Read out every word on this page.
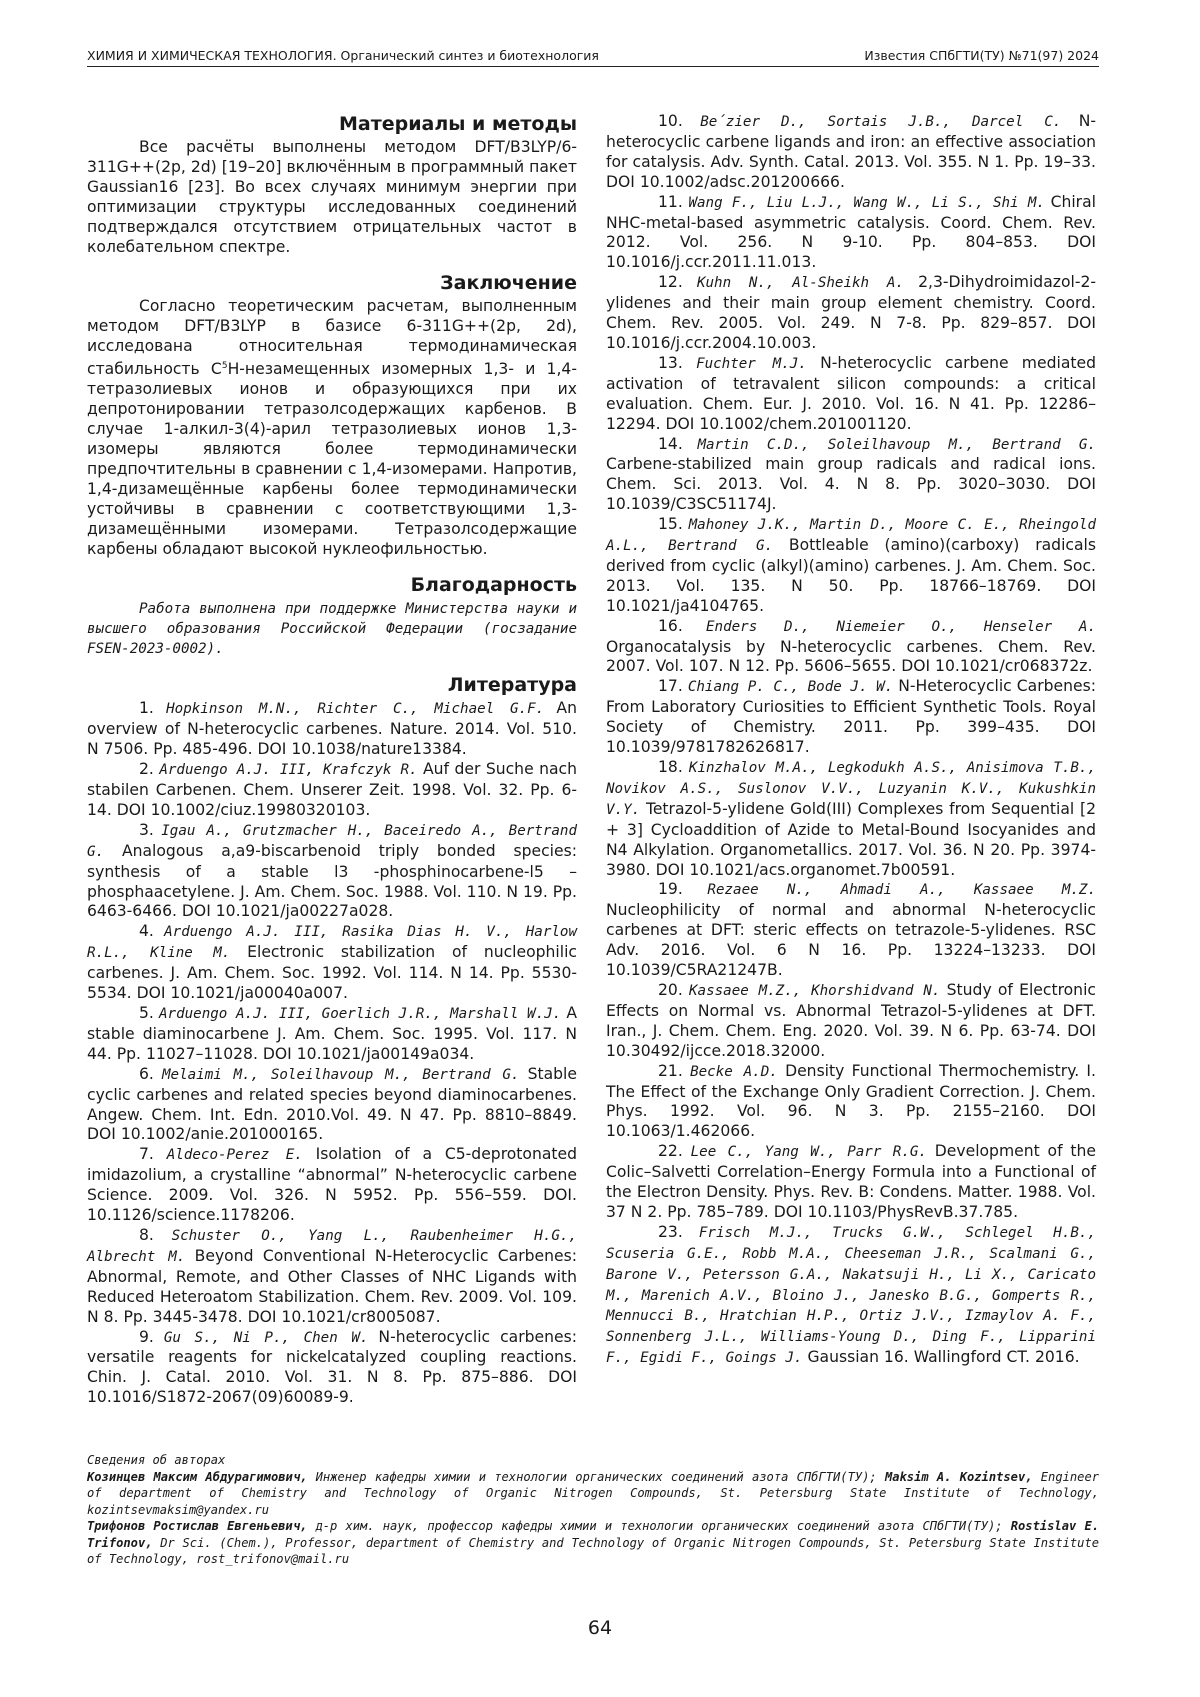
ХИМИЯ И ХИМИЧЕСКАЯ ТЕХНОЛОГИЯ. Органический синтез и биотехнология	Известия СПбГТИ(ТУ) №71(97) 2024
Материалы и методы

Все расчёты выполнены методом DFT/B3LYP/6-311G++(2p, 2d) [19–20] включённым в программный пакет Gaussian16 [23]. Во всех случаях минимум энергии при оптимизации структуры исследованных соединений подтверждался отсутствием отрицательных частот в колебательном спектре.

Заключение

Согласно теоретическим расчетам, выполненным методом DFT/B3LYP в базисе 6-311G++(2p, 2d), исследована относительная термодинамическая стабильность $С^5Н$-незамещенных изомерных 1,3- и 1,4-тетразолиевых ионов и образующихся при их депротонировании тетразолсодержащих карбенов. В случае 1-алкил-3(4)-арил тетразолиевых ионов 1,3-изомеры являются более термодинамически предпочтительны в сравнении с 1,4-изомерами. Напротив, 1,4-дизамещённые карбены более термодинамически устойчивы в сравнении с соответствующими 1,3-дизамещёнными изомерами. Тетразолсодержащие карбены обладают высокой нуклеофильностью.

Благодарность

Работа выполнена при поддержке Министерства науки и высшего образования Российской Федерации (госзадание FSEN-2023-0002).

Литература

1. Hopkinson M.N., Richter C., Michael G.F. An overview of N-heterocyclic carbenes. Nature. 2014. Vol. 510. N 7506. Pp. 485-496. DOI 10.1038/nature13384.

2. Arduengo A.J. III, Krafczyk R. Auf der Suche nach stabilen Carbenen. Chem. Unserer Zeit. 1998. Vol. 32. Pp. 6-14. DOI 10.1002/ciuz.19980320103.

3. Igau A., Grutzmacher H., Baceiredo A., Bertrand G. Analogous a,a9-biscarbenoid triply bonded species: synthesis of a stable l3 -phosphinocarbene-l5 – phosphaacetylene. J. Am. Chem. Soc. 1988. Vol. 110. N 19. Pp. 6463-6466. DOI 10.1021/ja00227a028.

4. Arduengo A.J. III, Rasika Dias H. V., Harlow R.L., Kline M. Electronic stabilization of nucleophilic carbenes. J. Am. Chem. Soc. 1992. Vol. 114. N 14. Pp. 5530-5534. DOI 10.1021/ja00040a007.

5. Arduengo A.J. III, Goerlich J.R., Marshall W.J. A stable diaminocarbene J. Am. Chem. Soc. 1995. Vol. 117. N 44. Pp. 11027–11028. DOI 10.1021/ja00149a034.

6. Melaimi M., Soleilhavoup M., Bertrand G. Stable cyclic carbenes and related species beyond diaminocarbenes. Angew. Chem. Int. Edn. 2010.Vol. 49. N 47. Pp. 8810–8849. DOI 10.1002/anie.201000165.

7. Aldeco-Perez E. Isolation of a C5-deprotonated imidazolium, a crystalline “abnormal” N-heterocyclic carbene Science. 2009. Vol. 326. N 5952. Pp. 556–559. DOI. 10.1126/science.1178206.

8. Schuster O., Yang L., Raubenheimer H.G., Albrecht M. Beyond Conventional N-Heterocyclic Carbenes: Abnormal, Remote, and Other Classes of NHC Ligands with Reduced Heteroatom Stabilization. Chem. Rev. 2009. Vol. 109. N 8. Pp. 3445-3478. DOI 10.1021/cr8005087.

9. Gu S., Ni P., Chen W. N-heterocyclic carbenes: versatile reagents for nickelcatalyzed coupling reactions. Chin. J. Catal. 2010. Vol. 31. N 8. Pp. 875–886. DOI 10.1016/S1872-2067(09)60089-9.

10. Be´zier D., Sortais J.B., Darcel C. N-heterocyclic carbene ligands and iron: an effective association for catalysis. Adv. Synth. Catal. 2013. Vol. 355. N 1. Pp. 19–33. DOI 10.1002/adsc.201200666.

11. Wang F., Liu L.J., Wang W., Li S., Shi M. Chiral NHC-metal-based asymmetric catalysis. Coord. Chem. Rev. 2012. Vol. 256. N 9-10. Pp. 804–853. DOI 10.1016/j.ccr.2011.11.013.

12. Kuhn N., Al-Sheikh A. 2,3-Dihydroimidazol-2-ylidenes and their main group element chemistry. Coord. Chem. Rev. 2005. Vol. 249. N 7-8. Pp. 829–857. DOI 10.1016/j.ccr.2004.10.003.

13. Fuchter M.J. N-heterocyclic carbene mediated activation of tetravalent silicon compounds: a critical evaluation. Chem. Eur. J. 2010. Vol. 16. N 41. Pp. 12286–12294. DOI 10.1002/chem.201001120.

14. Martin C.D., Soleilhavoup M., Bertrand G. Carbene-stabilized main group radicals and radical ions. Chem. Sci. 2013. Vol. 4. N 8. Pp. 3020–3030. DOI 10.1039/C3SC51174J.

15. Mahoney J.K., Martin D., Moore C. E., Rheingold A.L., Bertrand G. Bottleable (amino)(carboxy) radicals derived from cyclic (alkyl)(amino) carbenes. J. Am. Chem. Soc. 2013. Vol. 135. N 50. Pp. 18766–18769. DOI 10.1021/ja4104765.

16. Enders D., Niemeier O., Henseler A. Organocatalysis by N-heterocyclic carbenes. Chem. Rev. 2007. Vol. 107. N 12. Pp. 5606–5655. DOI 10.1021/cr068372z.

17. Chiang P. C., Bode J. W. N-Heterocyclic Carbenes: From Laboratory Curiosities to Efficient Synthetic Tools. Royal Society of Chemistry. 2011. Pp. 399–435. DOI 10.1039/9781782626817.

18. Kinzhalov M.A., Legkodukh A.S., Anisimova T.B., Novikov A.S., Suslonov V.V., Luzyanin K.V., Kukushkin V.Y. Tetrazol-5-ylidene Gold(III) Complexes from Sequential [2 + 3] Cycloaddition of Azide to Metal-Bound Isocyanides and N4 Alkylation. Organometallics. 2017. Vol. 36. N 20. Pp. 3974-3980. DOI 10.1021/acs.organomet.7b00591.

19. Rezaee N., Ahmadi A., Kassaee M.Z. Nucleophilicity of normal and abnormal N-heterocyclic carbenes at DFT: steric effects on tetrazole-5-ylidenes. RSC Adv. 2016. Vol. 6 N 16. Pp. 13224–13233. DOI 10.1039/C5RA21247B.

20. Kassaee M.Z., Khorshidvand N. Study of Electronic Effects on Normal vs. Abnormal Tetrazol-5-ylidenes at DFT. Iran., J. Chem. Chem. Eng. 2020. Vol. 39. N 6. Pp. 63-74. DOI 10.30492/ijcce.2018.32000.

21. Becke A.D. Density Functional Thermochemistry. I. The Effect of the Exchange Only Gradient Correction. J. Chem. Phys. 1992. Vol. 96. N 3. Pp. 2155–2160. DOI 10.1063/1.462066.

22. Lee C., Yang W., Parr R.G. Development of the Colic–Salvetti Correlation–Energy Formula into a Functional of the Electron Density. Phys. Rev. B: Condens. Matter. 1988. Vol. 37 N 2. Pp. 785–789. DOI 10.1103/PhysRevB.37.785.

23. Frisch M.J., Trucks G.W., Schlegel H.B., Scuseria G.E., Robb M.A., Cheeseman J.R., Scalmani G., Barone V., Petersson G.A., Nakatsuji H., Li X., Caricato M., Marenich A.V., Bloino J., Janesko B.G., Gomperts R., Mennucci B., Hratchian H.P., Ortiz J.V., Izmaylov A. F., Sonnenberg J.L., Williams-Young D., Ding F., Lipparini F., Egidi F., Goings J. Gaussian 16. Wallingford CT. 2016.

Сведения об авторах
Козинцев Максим Абдурагимович, Инженер кафедры химии и технологии органических соединений азота СПбГТИ(ТУ); Maksim A. Kozintsev, Engineer of department of Chemistry and Technology of Organic Nitrogen Compounds, St. Petersburg State Institute of Technology, kozintsevmaksim@yandex.ru
Трифонов Ростислав Евгеньевич, д-р хим. наук, профессор кафедры химии и технологии органических соединений азота СПбГТИ(ТУ); Rostislav E. Trifonov, Dr Sci. (Chem.), Professor, department of Chemistry and Technology of Organic Nitrogen Compounds, St. Petersburg State Institute of Technology, rost_trifonov@mail.ru
64
